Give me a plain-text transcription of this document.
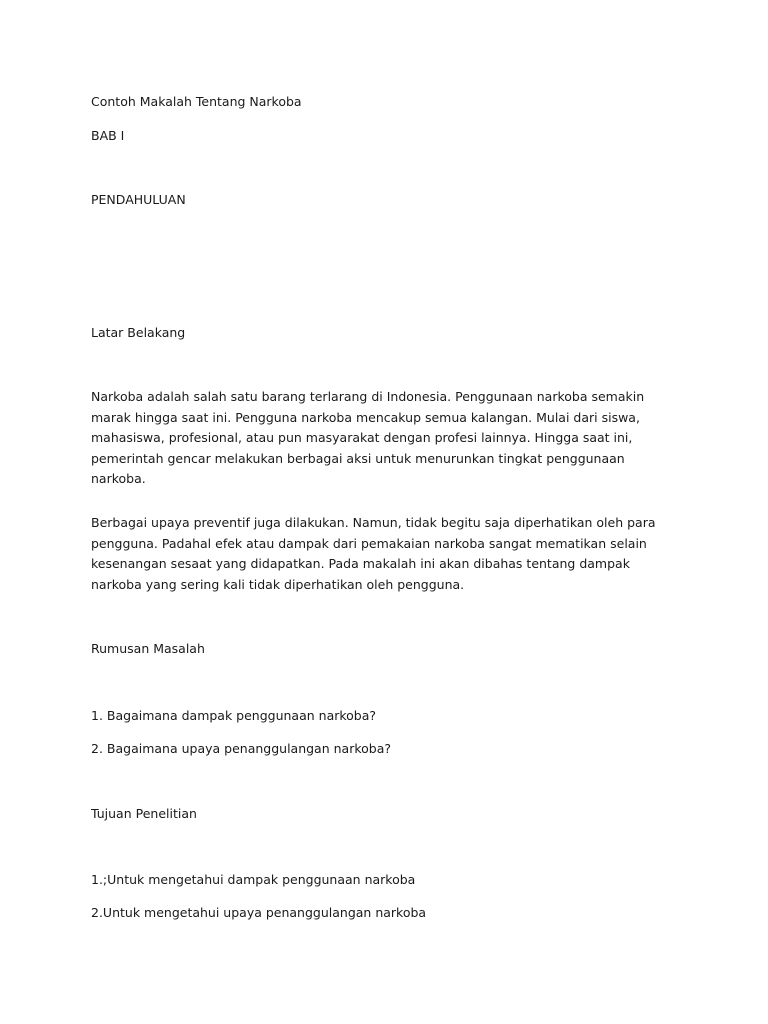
Contoh Makalah Tentang Narkoba
BAB I
PENDAHULUAN
Latar Belakang
Narkoba adalah salah satu barang terlarang di Indonesia. Penggunaan narkoba semakin marak hingga saat ini. Pengguna narkoba mencakup semua kalangan. Mulai dari siswa, mahasiswa, profesional, atau pun masyarakat dengan profesi lainnya. Hingga saat ini, pemerintah gencar melakukan berbagai aksi untuk menurunkan tingkat penggunaan narkoba.
Berbagai upaya preventif juga dilakukan. Namun, tidak begitu saja diperhatikan oleh para pengguna. Padahal efek atau dampak dari pemakaian narkoba sangat mematikan selain kesenangan sesaat yang didapatkan. Pada makalah ini akan dibahas tentang dampak narkoba yang sering kali tidak diperhatikan oleh pengguna.
Rumusan Masalah
1. Bagaimana dampak penggunaan narkoba?
2. Bagaimana upaya penanggulangan narkoba?
Tujuan Penelitian
1.;Untuk mengetahui dampak penggunaan narkoba
2.Untuk mengetahui upaya penanggulangan narkoba
